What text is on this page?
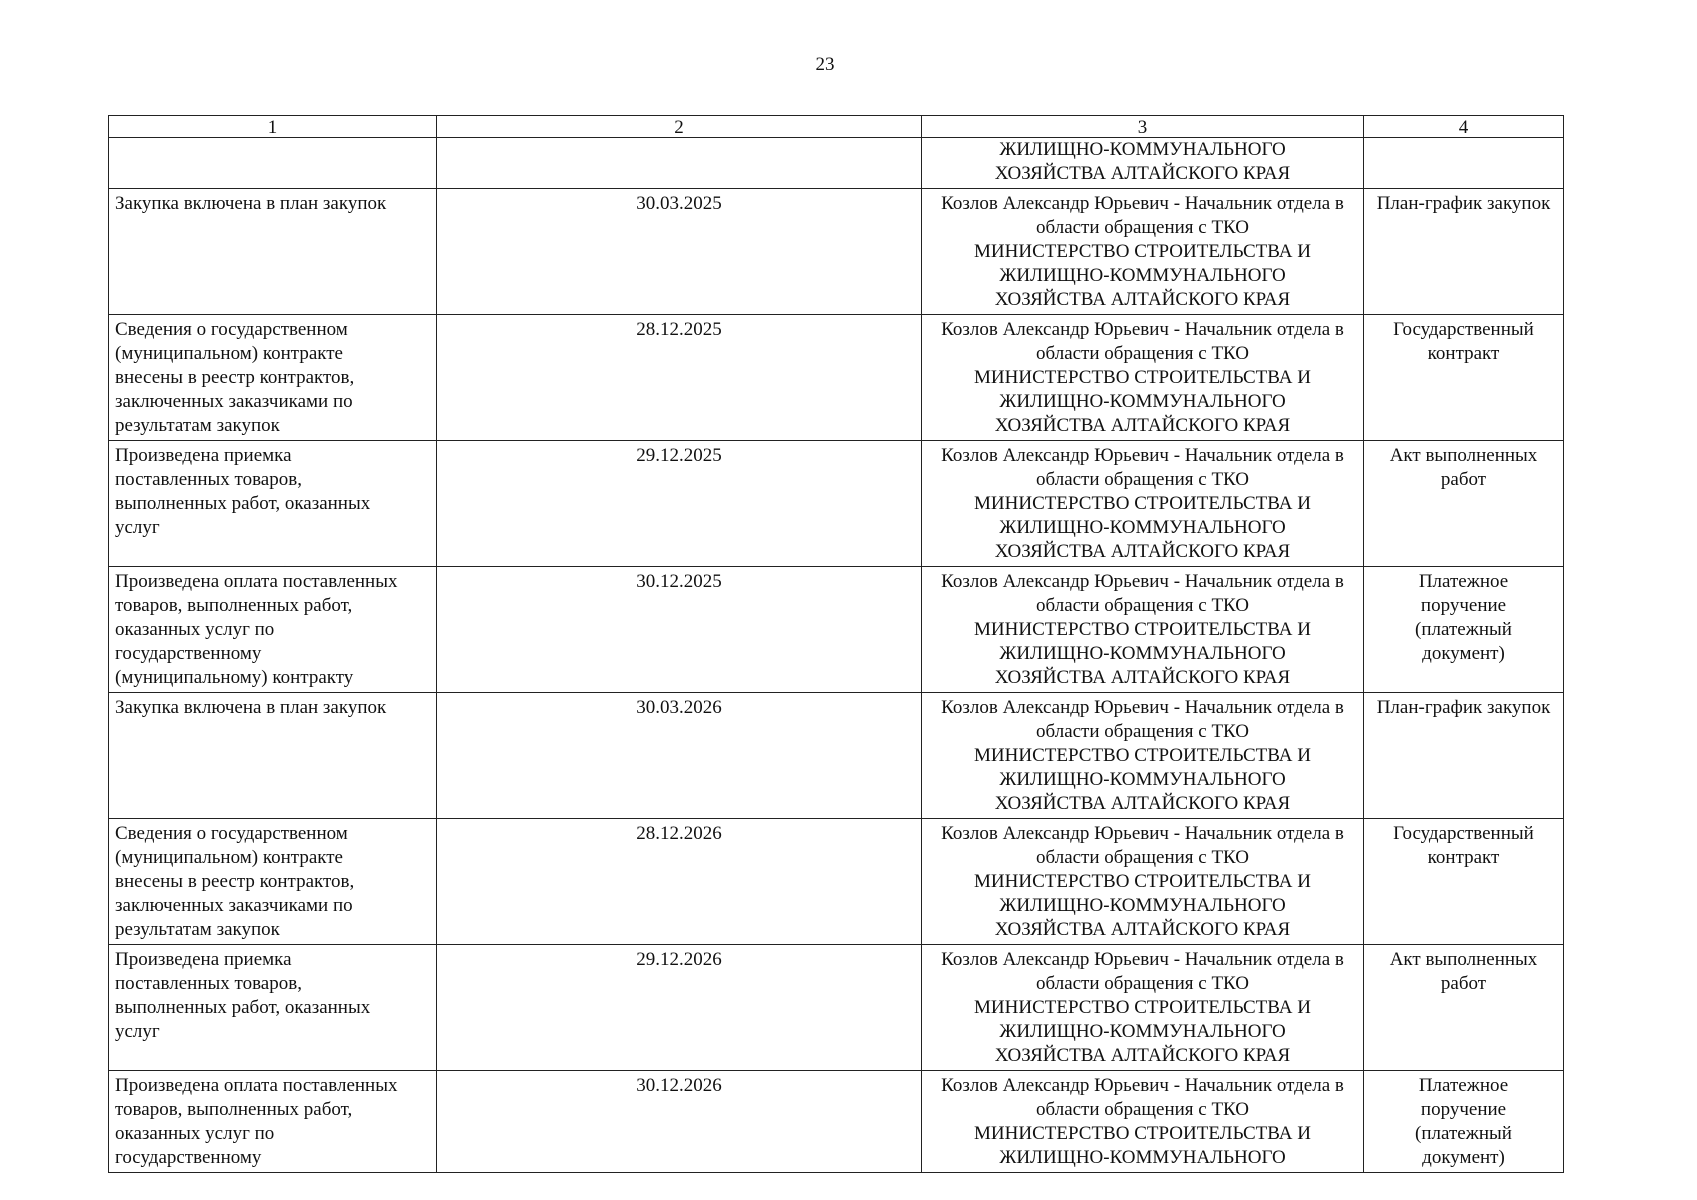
23
1	2	3	4
		ЖИЛИЩНО-КОММУНАЛЬНОГО
ХОЗЯЙСТВА АЛТАЙСКОГО КРАЯ	
Закупка включена в план закупок	30.03.2025	Козлов Александр Юрьевич - Начальник отдела в
области обращения с ТКО
МИНИСТЕРСТВО СТРОИТЕЛЬСТВА И
ЖИЛИЩНО-КОММУНАЛЬНОГО
ХОЗЯЙСТВА АЛТАЙСКОГО КРАЯ	План-график закупок
Сведения о государственном
(муниципальном) контракте
внесены в реестр контрактов,
заключенных заказчиками по
результатам закупок	28.12.2025	Козлов Александр Юрьевич - Начальник отдела в
области обращения с ТКО
МИНИСТЕРСТВО СТРОИТЕЛЬСТВА И
ЖИЛИЩНО-КОММУНАЛЬНОГО
ХОЗЯЙСТВА АЛТАЙСКОГО КРАЯ	Государственный
контракт
Произведена приемка
поставленных товаров,
выполненных работ, оказанных
услуг	29.12.2025	Козлов Александр Юрьевич - Начальник отдела в
области обращения с ТКО
МИНИСТЕРСТВО СТРОИТЕЛЬСТВА И
ЖИЛИЩНО-КОММУНАЛЬНОГО
ХОЗЯЙСТВА АЛТАЙСКОГО КРАЯ	Акт выполненных
работ
Произведена оплата поставленных
товаров, выполненных работ,
оказанных услуг по
государственному
(муниципальному) контракту	30.12.2025	Козлов Александр Юрьевич - Начальник отдела в
области обращения с ТКО
МИНИСТЕРСТВО СТРОИТЕЛЬСТВА И
ЖИЛИЩНО-КОММУНАЛЬНОГО
ХОЗЯЙСТВА АЛТАЙСКОГО КРАЯ	Платежное
поручение
(платежный
документ)
Закупка включена в план закупок	30.03.2026	Козлов Александр Юрьевич - Начальник отдела в
области обращения с ТКО
МИНИСТЕРСТВО СТРОИТЕЛЬСТВА И
ЖИЛИЩНО-КОММУНАЛЬНОГО
ХОЗЯЙСТВА АЛТАЙСКОГО КРАЯ	План-график закупок
Сведения о государственном
(муниципальном) контракте
внесены в реестр контрактов,
заключенных заказчиками по
результатам закупок	28.12.2026	Козлов Александр Юрьевич - Начальник отдела в
области обращения с ТКО
МИНИСТЕРСТВО СТРОИТЕЛЬСТВА И
ЖИЛИЩНО-КОММУНАЛЬНОГО
ХОЗЯЙСТВА АЛТАЙСКОГО КРАЯ	Государственный
контракт
Произведена приемка
поставленных товаров,
выполненных работ, оказанных
услуг	29.12.2026	Козлов Александр Юрьевич - Начальник отдела в
области обращения с ТКО
МИНИСТЕРСТВО СТРОИТЕЛЬСТВА И
ЖИЛИЩНО-КОММУНАЛЬНОГО
ХОЗЯЙСТВА АЛТАЙСКОГО КРАЯ	Акт выполненных
работ
Произведена оплата поставленных
товаров, выполненных работ,
оказанных услуг по
государственному	30.12.2026	Козлов Александр Юрьевич - Начальник отдела в
области обращения с ТКО
МИНИСТЕРСТВО СТРОИТЕЛЬСТВА И
ЖИЛИЩНО-КОММУНАЛЬНОГО	Платежное
поручение
(платежный
документ)
